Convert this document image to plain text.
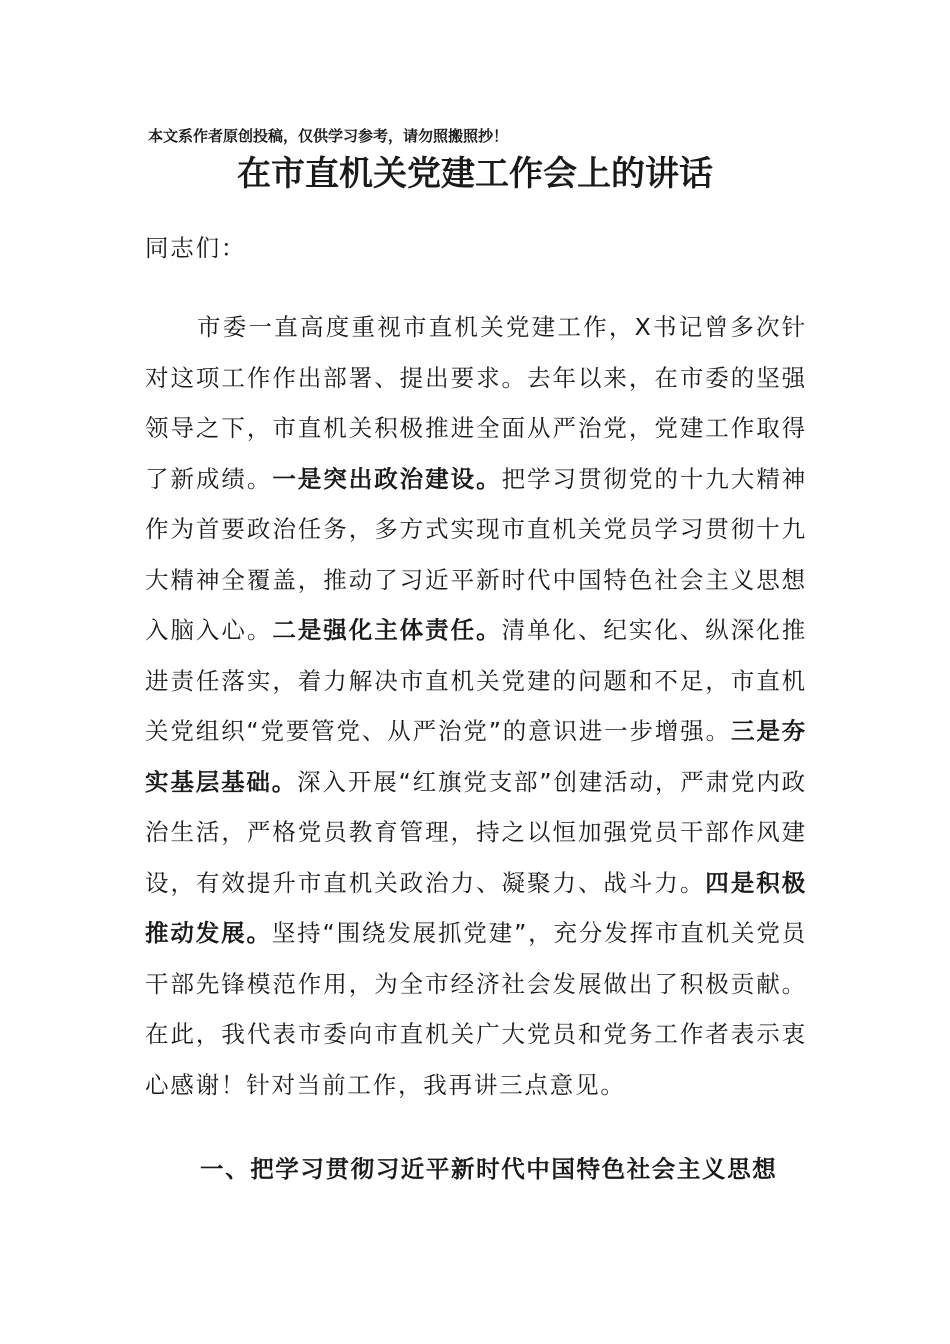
本文系作者原创投稿，仅供学习参考，请勿照搬照抄！
在市直机关党建工作会上的讲话
同志们：

市委一直高度重视市直机关党建工作，X书记曾多次针对这项工作作出部署、提出要求。去年以来，在市委的坚强领导之下，市直机关积极推进全面从严治党，党建工作取得了新成绩。一是突出政治建设。把学习贯彻党的十九大精神作为首要政治任务，多方式实现市直机关党员学习贯彻十九大精神全覆盖，推动了习近平新时代中国特色社会主义思想入脑入心。二是强化主体责任。清单化、纪实化、纵深化推进责任落实，着力解决市直机关党建的问题和不足，市直机关党组织“党要管党、从严治党”的意识进一步增强。三是夯实基层基础。深入开展“红旗党支部”创建活动，严肃党内政治生活，严格党员教育管理，持之以恒加强党员干部作风建设，有效提升市直机关政治力、凝聚力、战斗力。四是积极推动发展。坚持“围绕发展抓党建”，充分发挥市直机关党员干部先锋模范作用，为全市经济社会发展做出了积极贡献。在此，我代表市委向市直机关广大党员和党务工作者表示衷心感谢！针对当前工作，我再讲三点意见。

一、把学习贯彻习近平新时代中国特色社会主义思想
